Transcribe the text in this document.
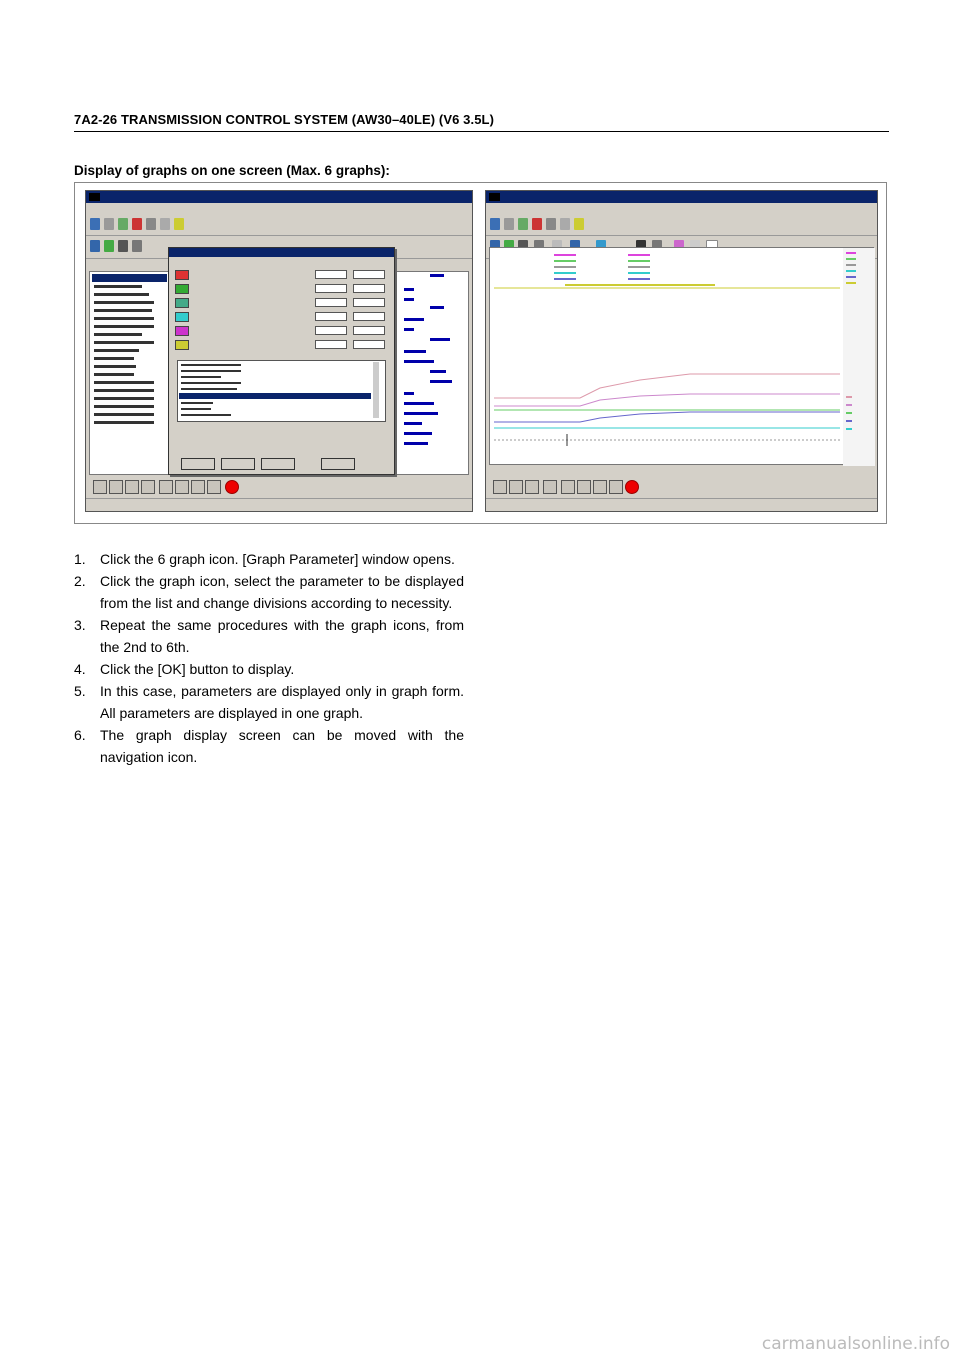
7A2-26 TRANSMISSION CONTROL SYSTEM (AW30–40LE) (V6 3.5L)
Display of graphs on one screen (Max. 6 graphs):

1. Click the 6 graph icon. [Graph Parameter] window opens.
2. Click the graph icon, select the parameter to be displayed from the list and change divisions according to necessity.
3. Repeat the same procedures with the graph icons, from the 2nd to 6th.
4. Click the [OK] button to display.
5. In this case, parameters are displayed only in graph form. All parameters are displayed in one graph.
6. The graph display screen can be moved with the navigation icon.
carmanualsonline.info
